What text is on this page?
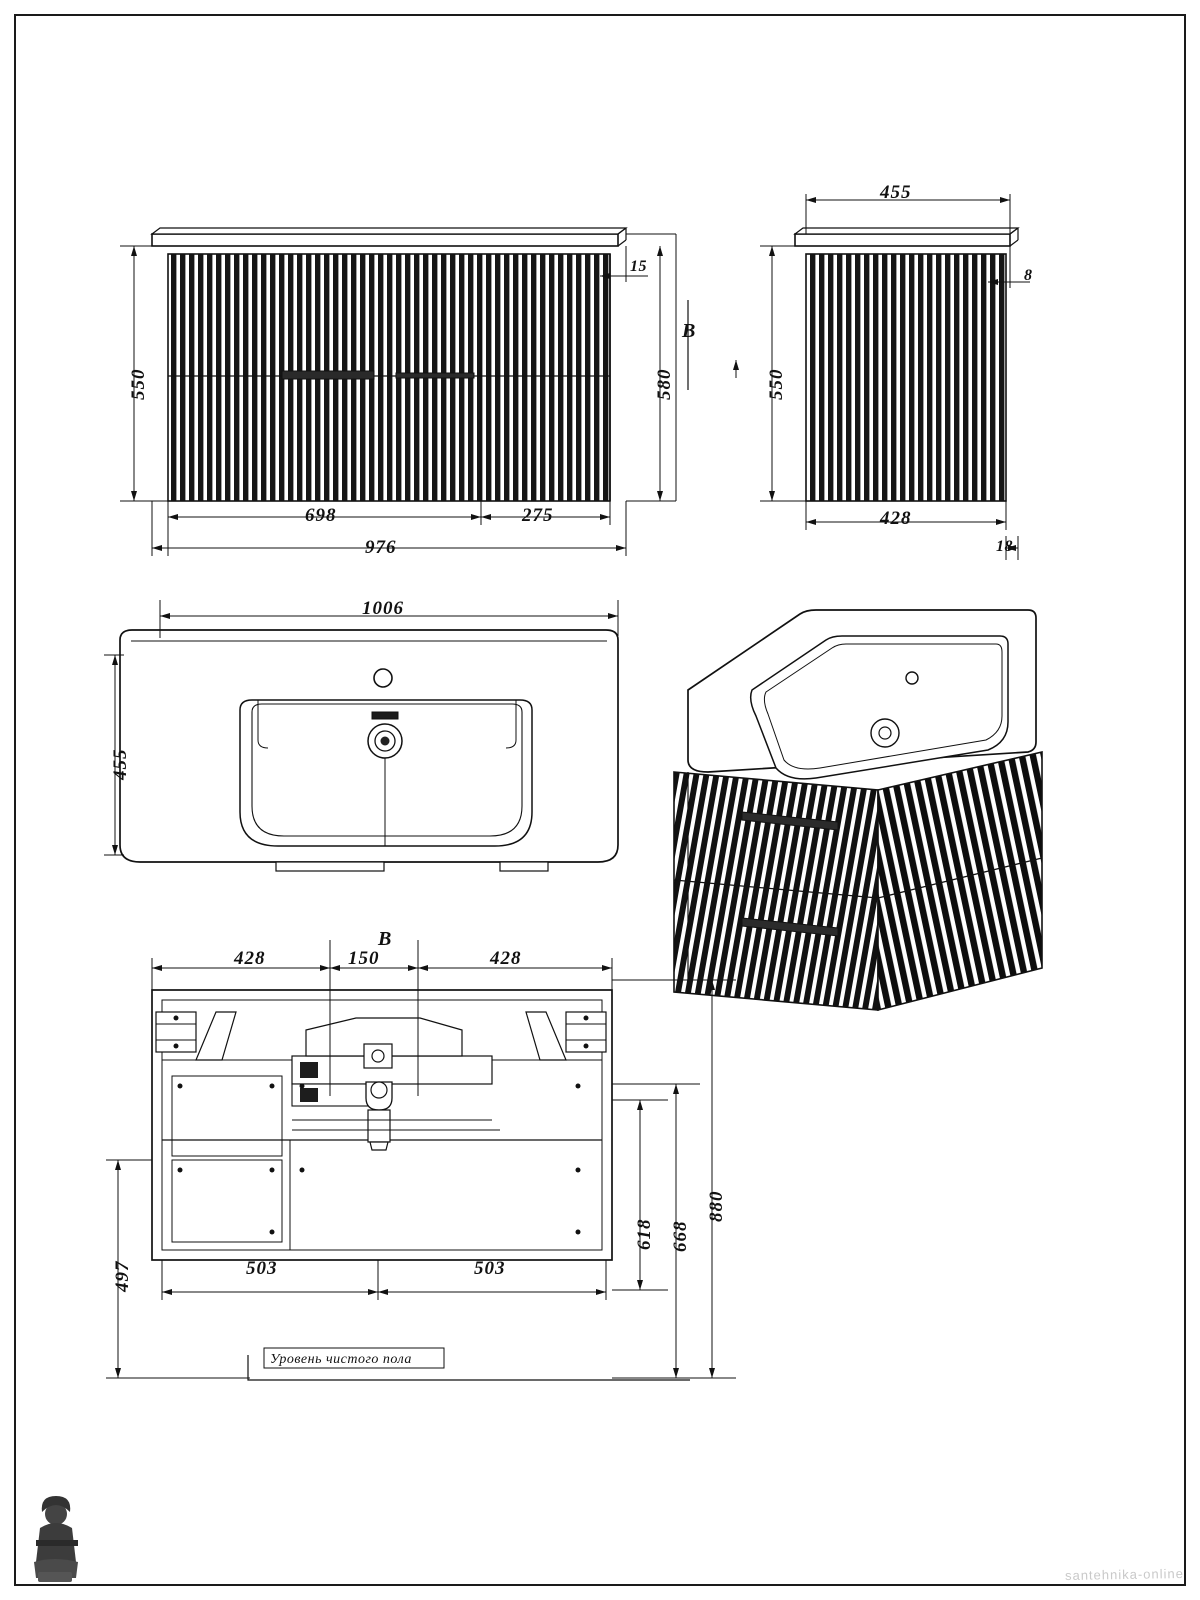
550	580
15
B
698	275
976
455
550
8
428
18
1006
455
B
428	150	428
503	503
497
618 668
880
Уровень чистого пола
santehnika-online
